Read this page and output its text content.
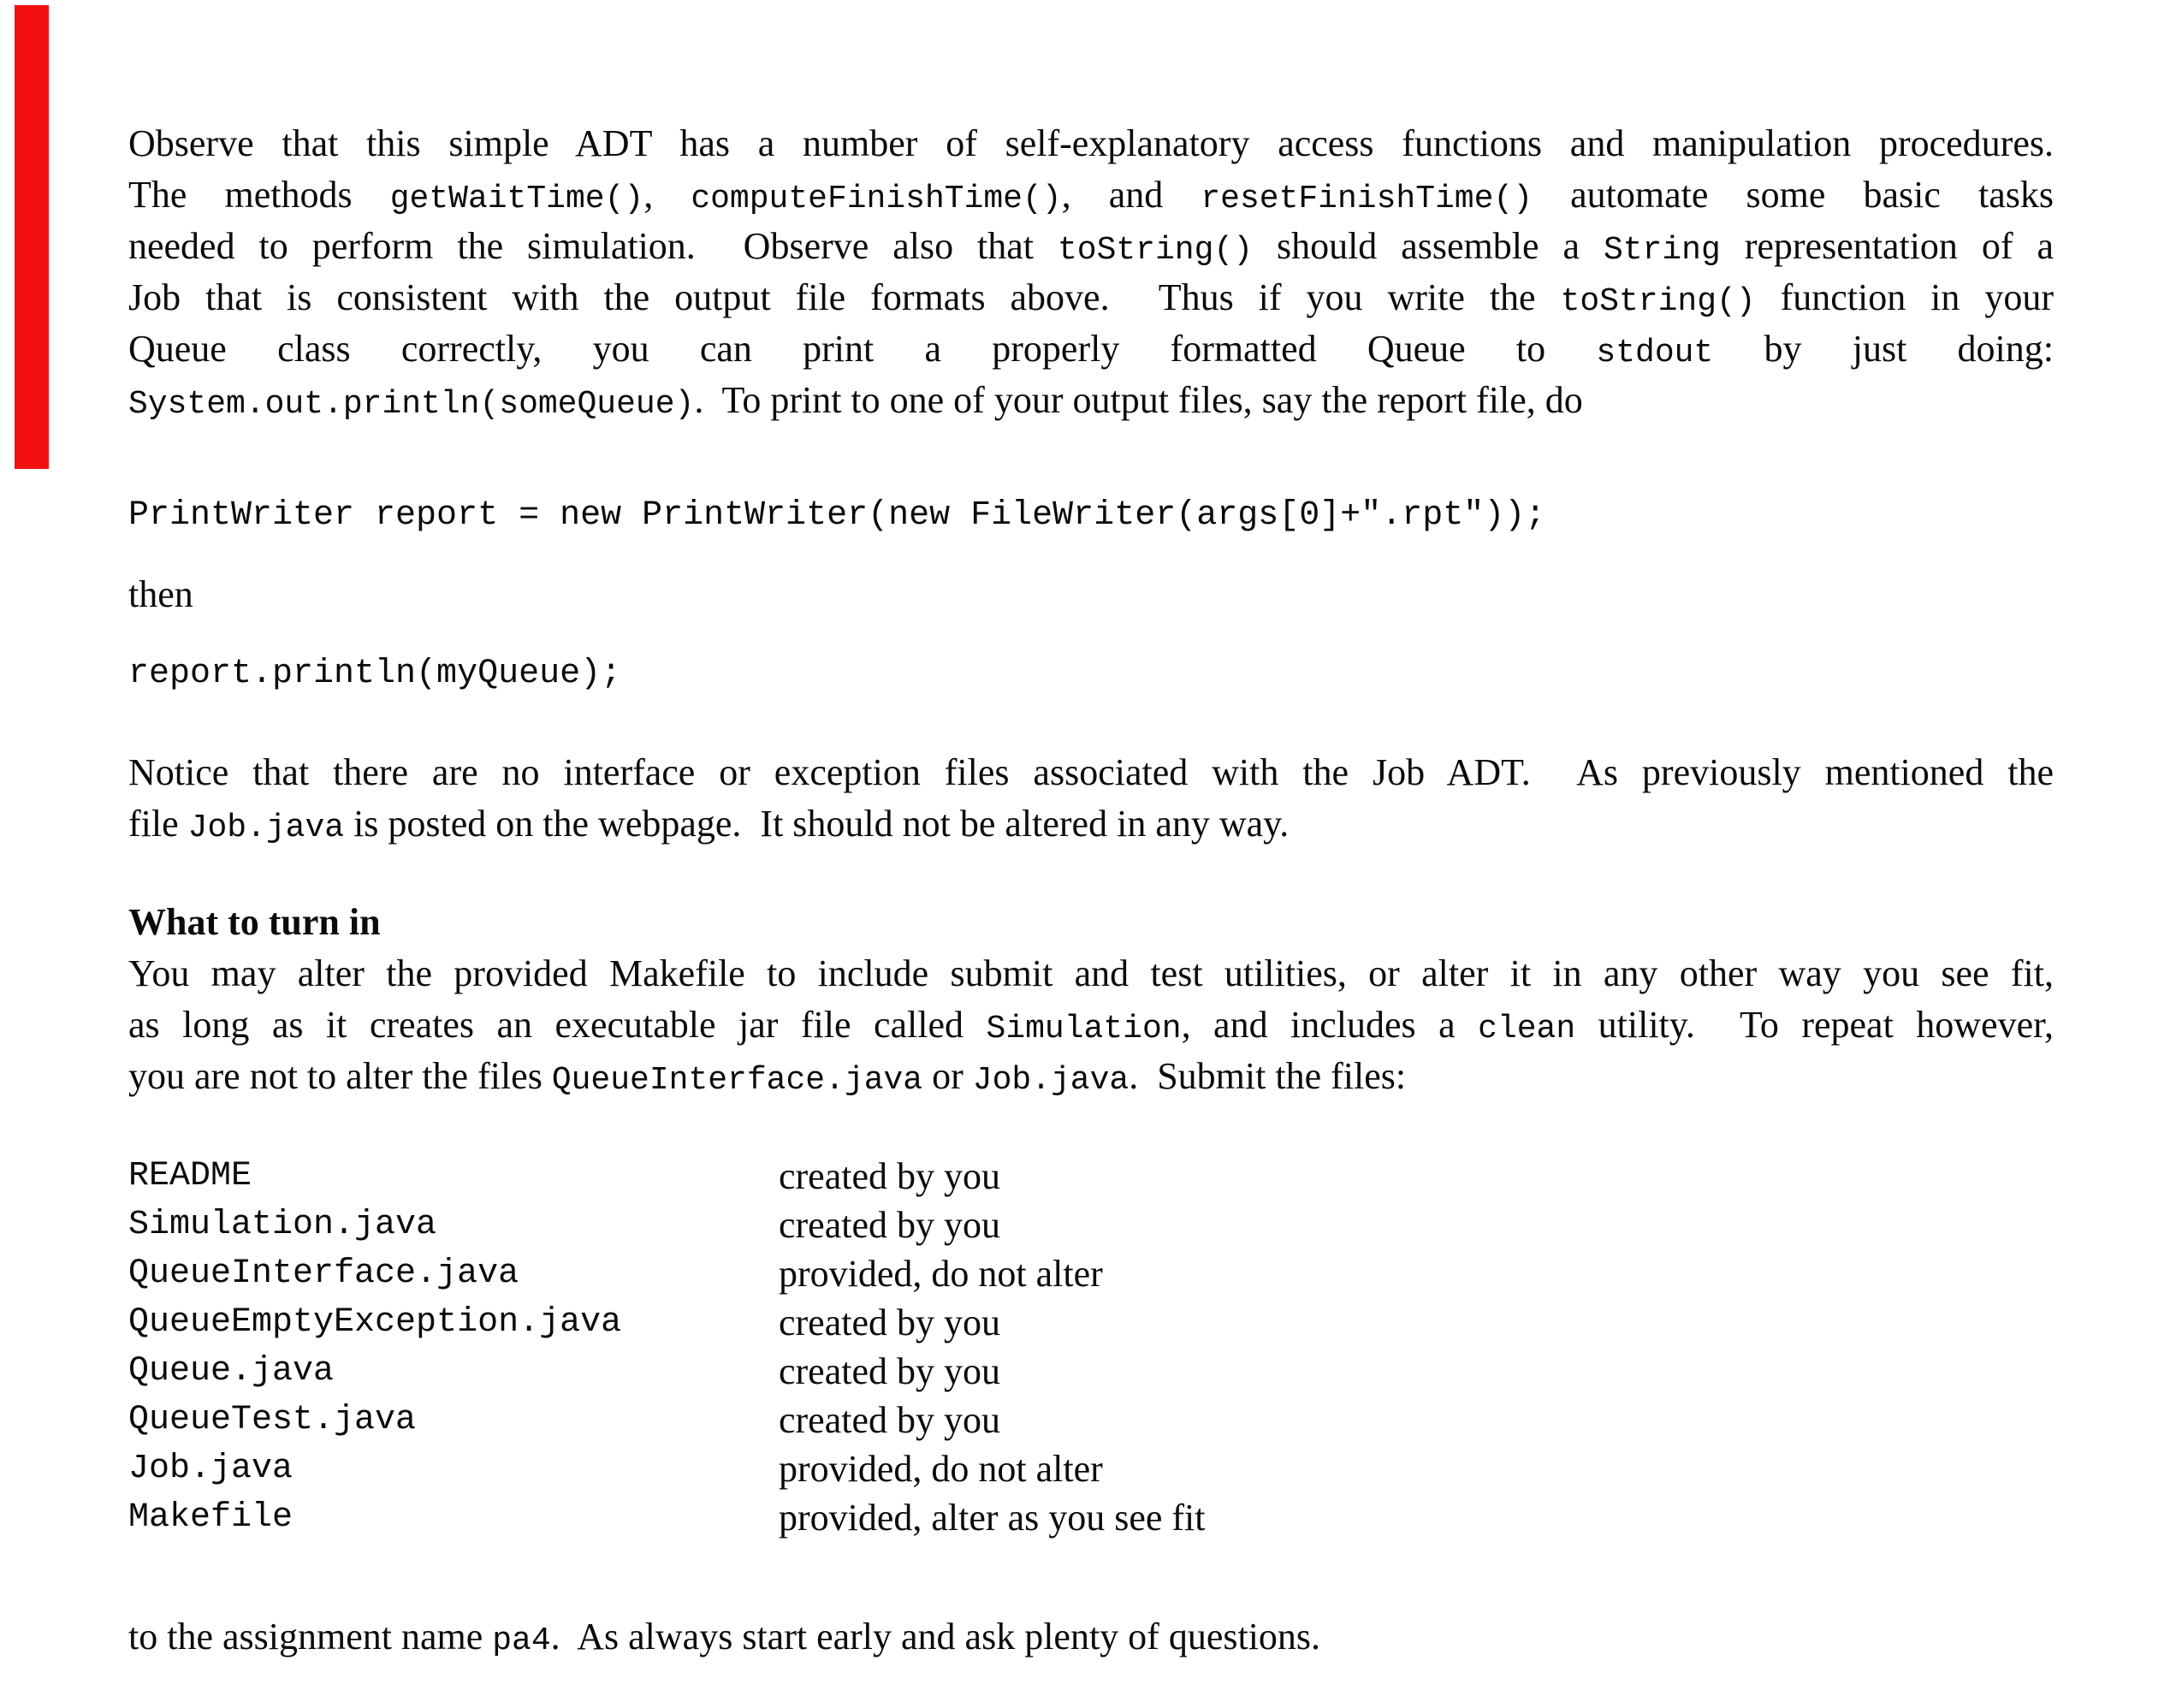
Observe that this simple ADT has a number of self-explanatory access functions and manipulation procedures.
The methods getWaitTime(), computeFinishTime(), and resetFinishTime() automate some basic tasks
needed to perform the simulation.  Observe also that toString() should assemble a String representation of a
Job that is consistent with the output file formats above.  Thus if you write the toString() function in your
Queue class correctly, you can print a properly formatted Queue to stdout by just doing:
System.out.println(someQueue).  To print to one of your output files, say the report file, do
PrintWriter report = new PrintWriter(new FileWriter(args[0]+".rpt"));
then
report.println(myQueue);
Notice that there are no interface or exception files associated with the Job ADT.  As previously mentioned the
file Job.java is posted on the webpage.  It should not be altered in any way.
What to turn in
You may alter the provided Makefile to include submit and test utilities, or alter it in any other way you see fit,
as long as it creates an executable jar file called Simulation, and includes a clean utility.  To repeat however,
you are not to alter the files QueueInterface.java or Job.java.  Submit the files:
README	created by you
Simulation.java	created by you
QueueInterface.java	provided, do not alter
QueueEmptyException.java	created by you
Queue.java	created by you
QueueTest.java	created by you
Job.java	provided, do not alter
Makefile	provided, alter as you see fit
to the assignment name pa4.  As always start early and ask plenty of questions.
